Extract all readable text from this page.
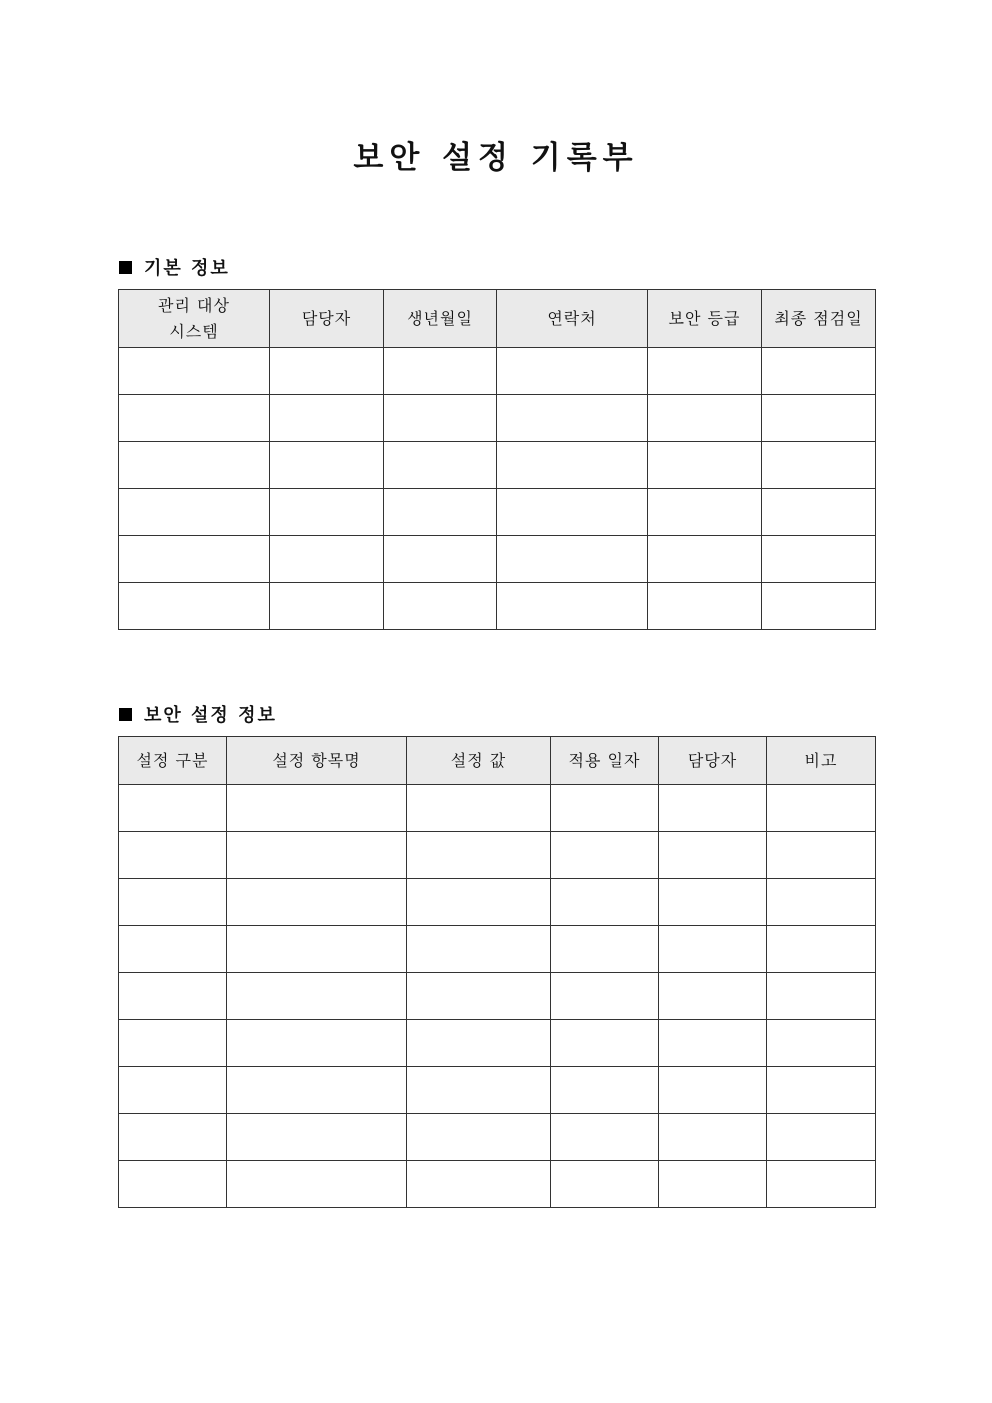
보안 설정 기록부
기본 정보
관리 대상
시스템	담당자	생년월일	연락처	보안 등급	최종 점검일

보안 설정 정보
설정 구분	설정 항목명	설정 값	적용 일자	담당자	비고
